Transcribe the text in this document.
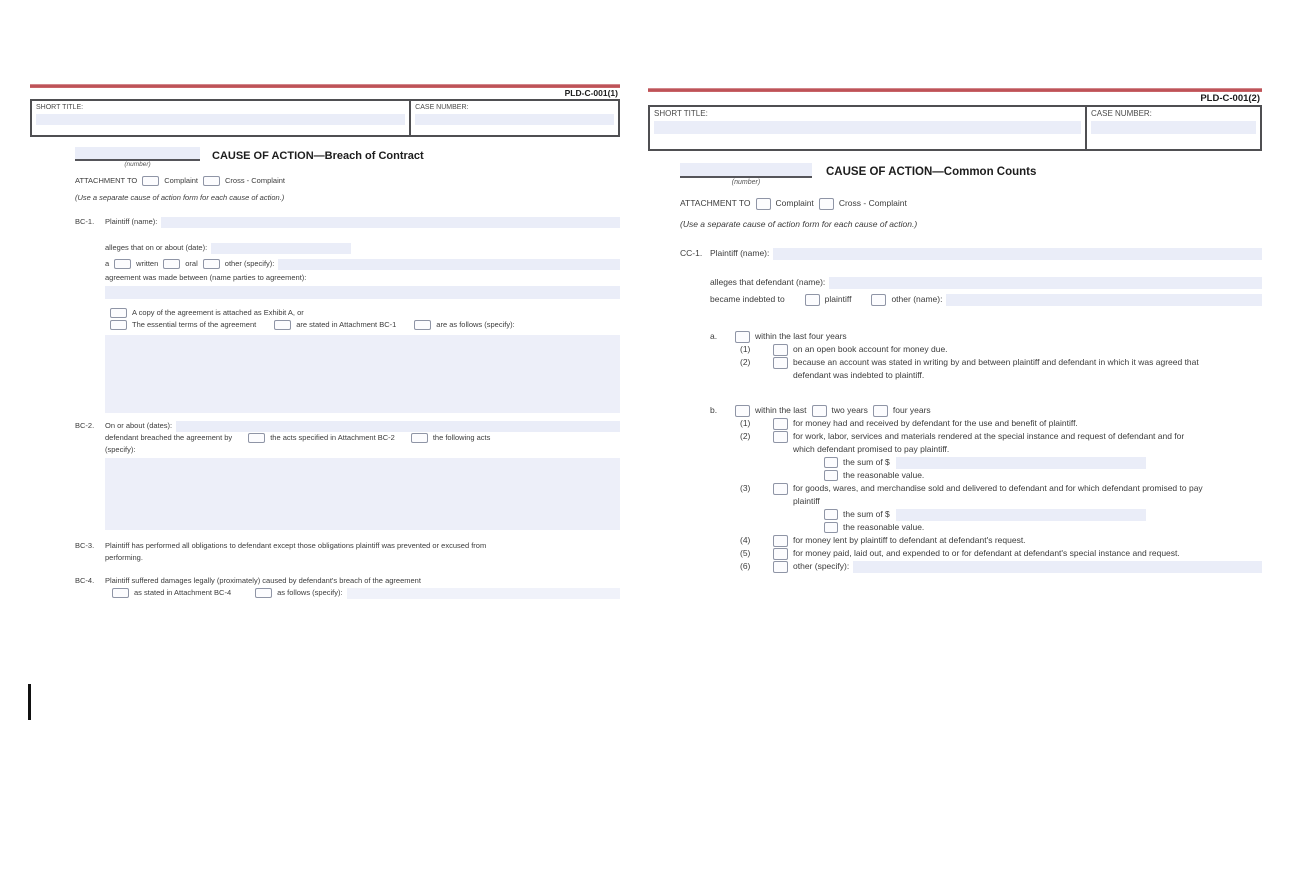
PLD-C-001(1)
SHORT TITLE:	CASE NUMBER:
(number)
CAUSE OF ACTION—Breach of Contract
ATTACHMENT TO	Complaint	Cross - Complaint
(Use a separate cause of action form for each cause of action.)
BC-1.	Plaintiff (name):
alleges that on or about (date):
a	written	oral	other (specify):
agreement was made between (name parties to agreement):
A copy of the agreement is attached as Exhibit A, or
The essential terms of the agreement	are stated in Attachment BC-1	are as follows (specify):
BC-2.	On or about (dates):
defendant breached the agreement by	the acts specified in Attachment BC-2	the following acts
(specify):
BC-3.	Plaintiff has performed all obligations to defendant except those obligations plaintiff was prevented or excused from performing.
BC-4.	Plaintiff suffered damages legally (proximately) caused by defendant's breach of the agreement
as stated in Attachment BC-4	as follows (specify):
PLD-C-001(2)
SHORT TITLE:	CASE NUMBER:
(number)
CAUSE OF ACTION—Common Counts
ATTACHMENT TO	Complaint	Cross - Complaint
(Use a separate cause of action form for each cause of action.)
CC-1. Plaintiff (name):
alleges that defendant (name):
became indebted to	plaintiff	other (name):
a.	within the last four years
(1)	on an open book account for money due.
(2)	because an account was stated in writing by and between plaintiff and defendant in which it was agreed that defendant was indebted to plaintiff.
b.	within the last	two years	four years
(1)	for money had and received by defendant for the use and benefit of plaintiff.
(2)	for work, labor, services and materials rendered at the special instance and request of defendant and for which defendant promised to pay plaintiff.
the sum of $
the reasonable value.
(3)	for goods, wares, and merchandise sold and delivered to defendant and for which defendant promised to pay plaintiff
the sum of $
the reasonable value.
(4)	for money lent by plaintiff to defendant at defendant's request.
(5)	for money paid, laid out, and expended to or for defendant at defendant's special instance and request.
(6)	other (specify):
